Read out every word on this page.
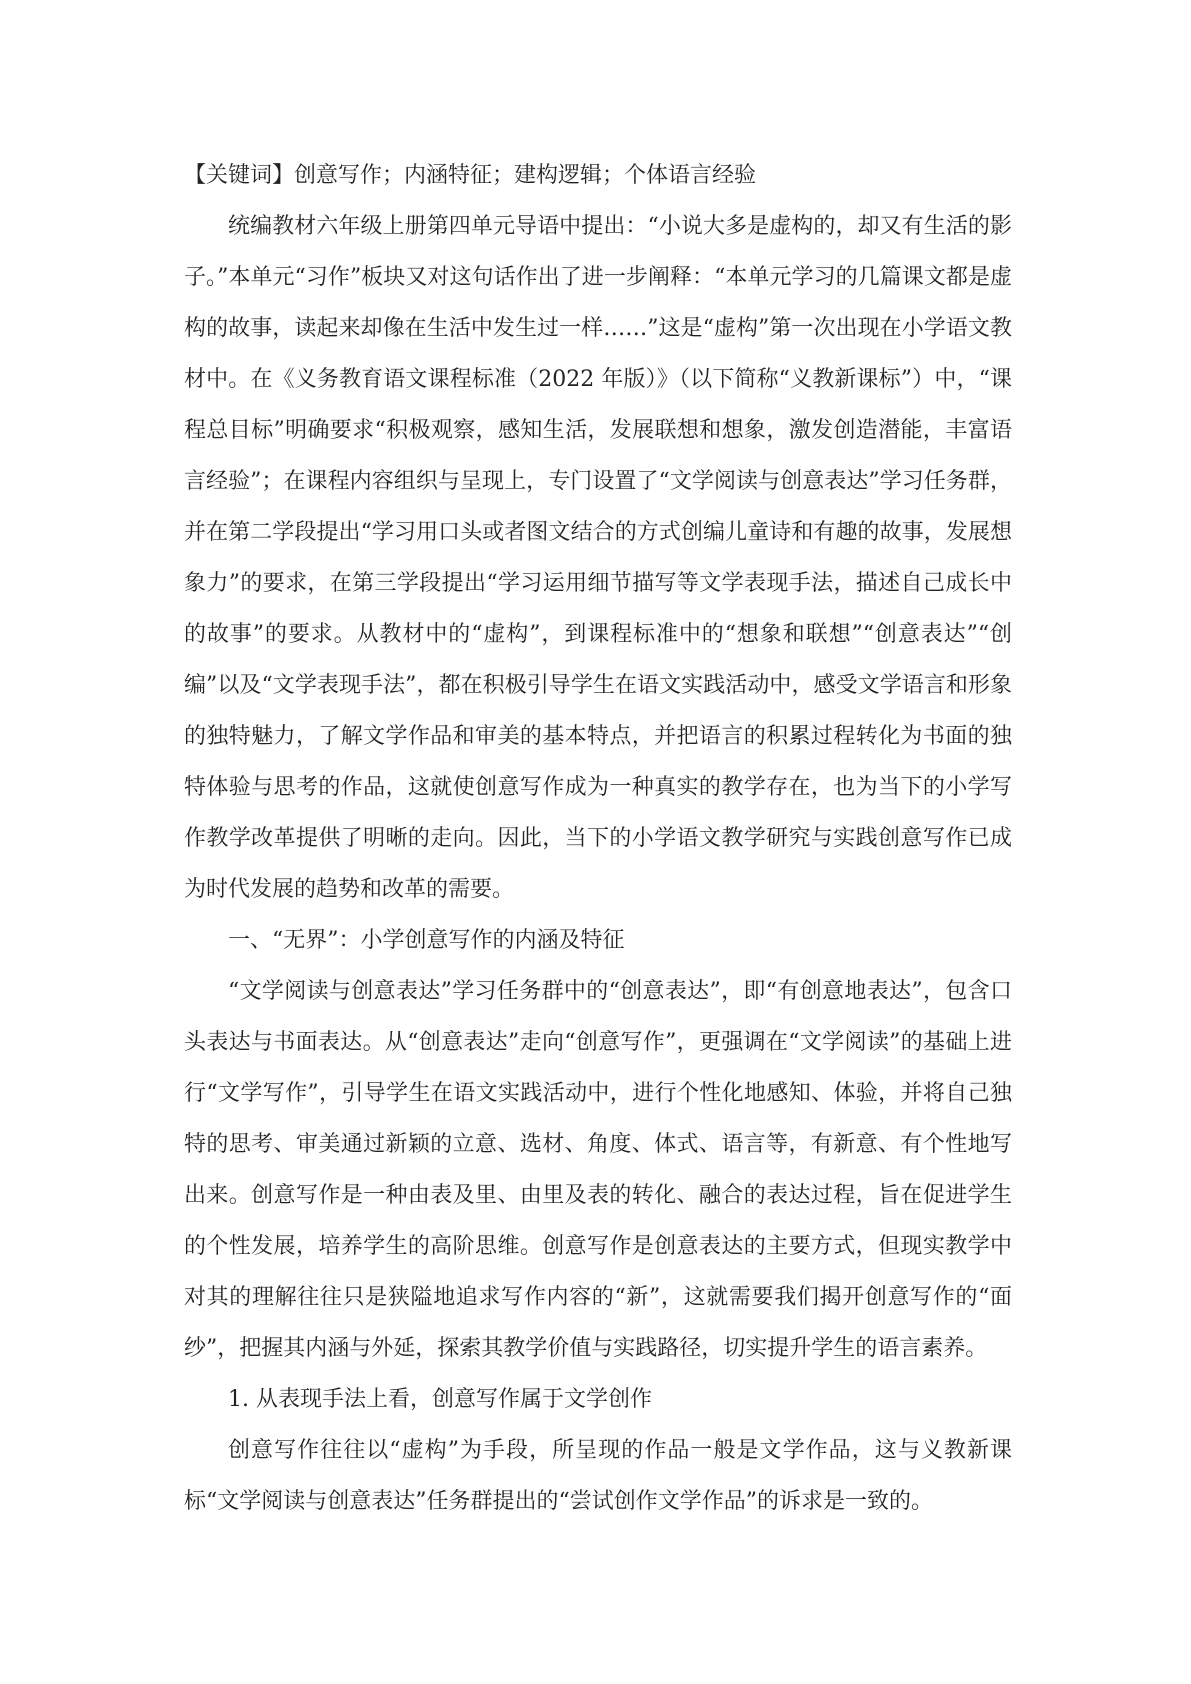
【关键词】创意写作；内涵特征；建构逻辑；个体语言经验

统编教材六年级上册第四单元导语中提出：“小说大多是虚构的，却又有生活的影子。”本单元“习作”板块又对这句话作出了进一步阐释：“本单元学习的几篇课文都是虚构的故事，读起来却像在生活中发生过一样……”这是“虚构”第一次出现在小学语文教材中。在《义务教育语文课程标准（2022 年版）》（以下简称“义教新课标”）中，“课程总目标”明确要求“积极观察，感知生活，发展联想和想象，激发创造潜能，丰富语言经验”；在课程内容组织与呈现上，专门设置了“文学阅读与创意表达”学习任务群，并在第二学段提出“学习用口头或者图文结合的方式创编儿童诗和有趣的故事，发展想象力”的要求，在第三学段提出“学习运用细节描写等文学表现手法，描述自己成长中的故事”的要求。从教材中的“虚构”，到课程标准中的“想象和联想”“创意表达”“创编”以及“文学表现手法”，都在积极引导学生在语文实践活动中，感受文学语言和形象的独特魅力，了解文学作品和审美的基本特点，并把语言的积累过程转化为书面的独特体验与思考的作品，这就使创意写作成为一种真实的教学存在，也为当下的小学写作教学改革提供了明晰的走向。因此，当下的小学语文教学研究与实践创意写作已成为时代发展的趋势和改革的需要。

一、“无界”：小学创意写作的内涵及特征

“文学阅读与创意表达”学习任务群中的“创意表达”，即“有创意地表达”，包含口头表达与书面表达。从“创意表达”走向“创意写作”，更强调在“文学阅读”的基础上进行“文学写作”，引导学生在语文实践活动中，进行个性化地感知、体验，并将自己独特的思考、审美通过新颖的立意、选材、角度、体式、语言等，有新意、有个性地写出来。创意写作是一种由表及里、由里及表的转化、融合的表达过程，旨在促进学生的个性发展，培养学生的高阶思维。创意写作是创意表达的主要方式，但现实教学中对其的理解往往只是狭隘地追求写作内容的“新”，这就需要我们揭开创意写作的“面纱”，把握其内涵与外延，探索其教学价值与实践路径，切实提升学生的语言素养。

1. 从表现手法上看，创意写作属于文学创作

创意写作往往以“虚构”为手段，所呈现的作品一般是文学作品，这与义教新课标“文学阅读与创意表达”任务群提出的“尝试创作文学作品”的诉求是一致的。
